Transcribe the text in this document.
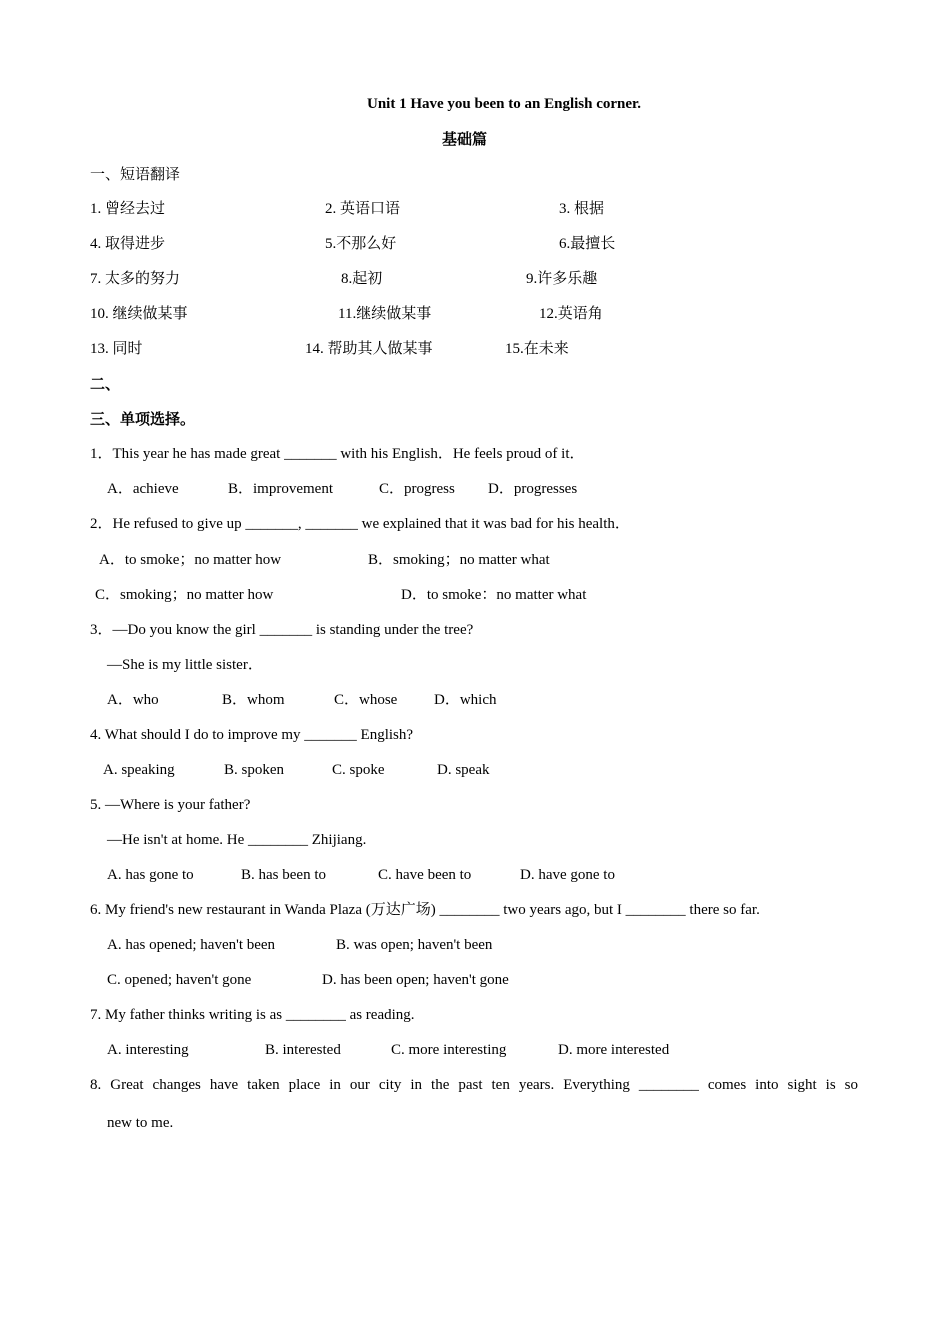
Unit 1 Have you been to an English corner.
基础篇
一、短语翻译
1. 曾经去过	2. 英语口语	3. 根据
4. 取得进步	5.不那么好	6.最擅长
7. 太多的努力	8.起初	9.许多乐趣
10. 继续做某事	11.继续做某事	12.英语角
13. 同时	14. 帮助其人做某事	15.在未来
二、
三、单项选择。
1．This year he has made great _______ with his English．He feels proud of it．
A．achieve	B．improvement	C．progress D．progresses
2．He refused to give up _______, _______ we explained that it was bad for his health．
A．to smoke；no matter how	B．smoking；no matter what
C．smoking；no matter how	D．to smoke：no matter what
3．—Do you know the girl _______ is standing under the tree?
—She is my little sister．
A．who	B．whom	C．whose D．which
4. What should I do to improve my _______ English?
A. speaking	B. spoken	C. spoke	D. speak
5. —Where is your father?
—He isn't at home. He ________ Zhijiang.
A. has gone to	B. has been to	C. have been to	D. have gone to
6. My friend's new restaurant in Wanda Plaza (万达广场) ________ two years ago, but I ________ there so far.
A. has opened; haven't been	B. was open; haven't been
C. opened; haven't gone	D. has been open; haven't gone
7. My father thinks writing is as ________ as reading.
A. interesting	B. interested	C. more interesting	D. more interested
8. Great changes have taken place in our city in the past ten years. Everything ________ comes into sight is so
new to me.
